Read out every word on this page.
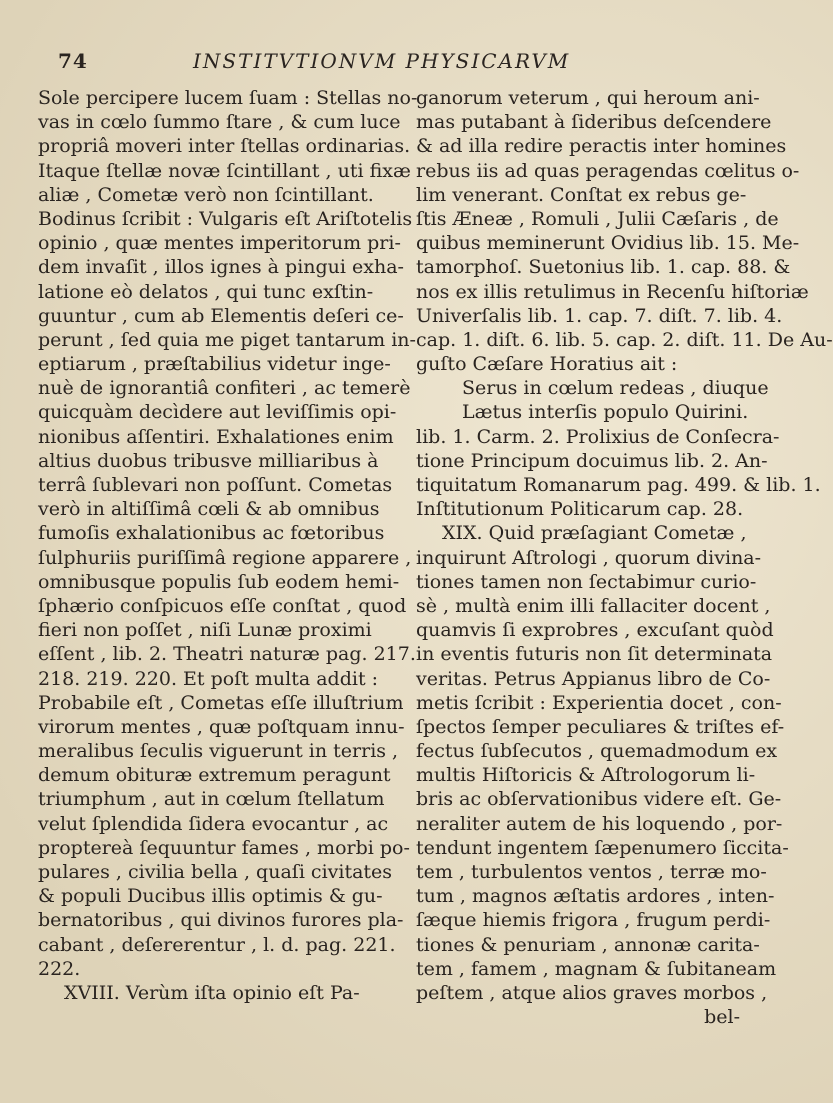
74	INSTITVTIONVM PHYSICARVM
Sole percipere lucem ſuam : Stellas no-
vas in cœlo ſummo ſtare , & cum luce
propriâ moveri inter ſtellas ordinarias.
Itaque ſtellæ novæ ſcintillant , uti fixæ
aliæ , Cometæ verò non ſcintillant.
Bodinus ſcribit : Vulgaris eſt Ariſtotelis
opinio , quæ mentes imperitorum pri-
dem invaſit , illos ignes à pingui exha-
latione eò delatos , qui tunc exſtin-
guuntur , cum ab Elementis deſeri ce-
perunt , ſed quia me piget tantarum in-
eptiarum , præſtabilius videtur inge-
nuè de ignorantiâ confiteri , ac temerè
quicquàm decìdere aut leviſſimis opi-
nionibus aſſentiri. Exhalationes enim
altius duobus tribusve milliaribus à
terrâ ſublevari non poſſunt. Cometas
verò in altiſſimâ cœli & ab omnibus
fumoſis exhalationibus ac fœtoribus
ſulphuriis puriſſimâ regione apparere ,
omnibusque populis ſub eodem hemi-
ſphærio conſpicuos eſſe conſtat , quod
fieri non poſſet , niſi Lunæ proximi
eſſent , lib. 2. Theatri naturæ pag. 217.
218. 219. 220. Et poſt multa addit :
Probabile eſt , Cometas eſſe illuſtrium
virorum mentes , quæ poſtquam innu-
meralibus ſeculis viguerunt in terris ,
demum obituræ extremum peragunt
triumphum , aut in cœlum ſtellatum
velut ſplendida ſidera evocantur , ac
proptereà ſequuntur fames , morbi po-
pulares , civilia bella , quaſi civitates
& populi Ducibus illis optimis & gu-
bernatoribus , qui divinos furores pla-
cabant , deſererentur , l. d. pag. 221.
222.
XVIII. Verùm iſta opinio eſt Pa-
ganorum veterum , qui heroum ani-
mas putabant à ſideribus deſcendere
& ad illa redire peractis inter homines
rebus iis ad quas peragendas cœlitus o-
lim venerant. Conſtat ex rebus ge-
ſtis Æneæ , Romuli , Julii Cæſaris , de
quibus meminerunt Ovidius lib. 15. Me-
tamorphoſ. Suetonius lib. 1. cap. 88. &
nos ex illis retulimus in Recenſu hiſtoriæ
Univerſalis lib. 1. cap. 7. diſt. 7. lib. 4.
cap. 1. diſt. 6. lib. 5. cap. 2. diſt. 11. De Au-
guſto Cæſare Horatius ait :
Serus in cœlum redeas , diuque
Lætus interſis populo Quirini.
lib. 1. Carm. 2. Prolixius de Conſecra-
tione Principum docuimus lib. 2. An-
tiquitatum Romanarum pag. 499. & lib. 1.
Inſtitutionum Politicarum cap. 28.
XIX. Quid præſagiant Cometæ ,
inquirunt Aſtrologi , quorum divina-
tiones tamen non ſectabimur curio-
sè , multà enim illi fallaciter docent ,
quamvis ſi exprobres , excuſant quòd
in eventis futuris non ſit determinata
veritas. Petrus Appianus libro de Co-
metis ſcribit : Experientia docet , con-
ſpectos ſemper peculiares & triſtes ef-
fectus ſubſecutos , quemadmodum ex
multis Hiſtoricis & Aſtrologorum li-
bris ac obſervationibus videre eſt. Ge-
neraliter autem de his loquendo , por-
tendunt ingentem ſæpenumero ſiccita-
tem , turbulentos ventos , terræ mo-
tum , magnos æſtatis ardores , inten-
ſæque hiemis frigora , frugum perdi-
tiones & penuriam , annonæ carita-
tem , famem , magnam & ſubitaneam
peſtem , atque alios graves morbos ,
bel-
